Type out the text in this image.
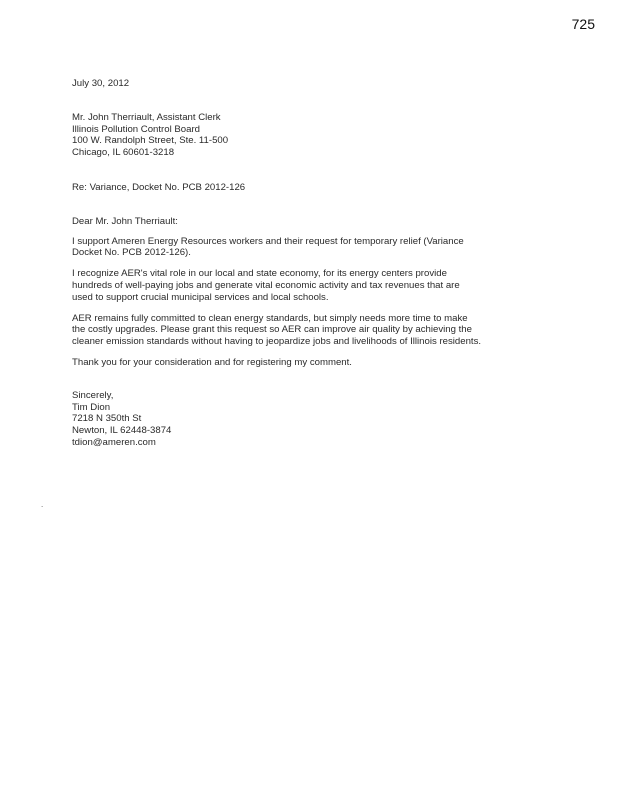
725
.
July 30, 2012
Mr. John Therriault, Assistant Clerk
Illinois Pollution Control Board
100 W. Randolph Street, Ste. 11-500
Chicago, IL 60601-3218
Re: Variance, Docket No. PCB 2012-126
Dear Mr. John Therriault:
I support Ameren Energy Resources workers and their request for temporary relief (Variance
Docket No. PCB 2012-126).
I recognize AER's vital role in our local and state economy, for its energy centers provide
hundreds of well-paying jobs and generate vital economic activity and tax revenues that are
used to support crucial municipal services and local schools.
AER remains fully committed to clean energy standards, but simply needs more time to make
the costly upgrades. Please grant this request so AER can improve air quality by achieving the
cleaner emission standards without having to jeopardize jobs and livelihoods of Illinois residents.
Thank you for your consideration and for registering my comment.
Sincerely,
Tim Dion
7218 N 350th St
Newton, IL 62448-3874
tdion@ameren.com
